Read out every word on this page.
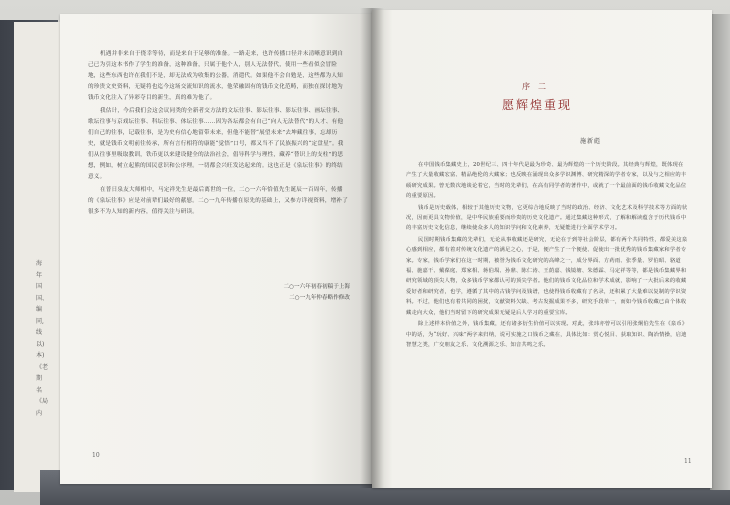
海
年
国
国、
编
同,
线
以)
本)
《老
期
名
《局
内

机遇并非来自于侥幸等待，而是来自于足够的准备。一路走来，也许传播口径并未清晰意识到自己已为引这本书作了学生的准备，这种准备，只属于他个人，别人无法替代，使用一些看似会冒险地，这些东西也许在我们不是，却无法成为收集的公器，消遣代。如果他不会自勉是，这些都为人知的珍贵文史资料，无疑将也迄今这场交流知识的流水，他荣融固有的钱币文化范畴，而独在探讨地为钱币文化注入了异彩夺目的新生，真的难为他了。

我估计，今后我们会这会议同类的全新者交方法的文坛往事、影坛往事、影坛往事、画坛往事、歌坛往事与京戏坛往事、科坛往事、体坛往事……因为各坛都会有自己“向人无法替代”的人才、有他们自己的往事，记载往事，是为史有信心地留带未来，但他不能替“展望未来”去坤藏往事，忘却历史，就是钱币文明前往传承，所有言行相符的康能“觉悟”口号，都又当不了民族振兴的“定盘星”。我们从往事里吸取教训，铁币更以来建设健全的法治社会，倡导科学与理性，藏养“替识上的支柱”的思想，例如，树立起熊的国民意识和公序理。一切都会兴旺发达起来的。这也正是《泉坛往事》的终结意义。

在普日泉友大师相中，马定祥先生是最后离世的一位，二○一六年恰值先生诞辰一百周年，传播的《泉坛往事》应是对前辈们最好的献慰。二○一九年传播在原先的基础上，又参方详视资料，增补了很多不为人知的新内容，值得关注与研读。

二○一六年初春初稿于上海
二○一九年仲春略作修改
10
序二
愿辉煌重现
施新彪

在中国钱币集藏史上，20世纪三、四十年代是最为珍奇、最为辉煌的一个历史阶段。其经典与辉煌，既体现在产生了大量收藏宏富、精品绝伦的大藏家；也反映在涌现出众多学识渊博、研究精深的学者专家，以及与之相应的丰硕研究成果。曾无数次地谈论着它，当时的先辈们，在高有同学者的著作中，或就了一个最前面的钱币收藏文化品位的重要原因。

钱币是历史载体，相较于其他历史文物，它更综合地反映了当时的政治、经济、文化艺术及科学技术等方面的状况，因而更具文物价值，是中华民族重要而珍贵的历史文化遗产。通过集藏这种形式，了解和解读蕴含于历代钱币中的丰富历史文化信息，继续使众多人的知识学问和文化素养，无疑能进行全面学术学习。

民国时期钱币集藏的先辈们，无论从事收藏还是研究，无论在于到等社会阶层，都有两个共同特性，都爱美这泉心感到相应，都有着对传统文化遗产的满足之心，于是，便产生了一个便使、促使出一批优秀的钱币集藏家和学者专家。专家，钱币学家们在这一时期，被誉为钱币文化研究的高峰之一，成分界面、方药雨、张季量、罗伯昭、骆道福、施嘉干、戴葆庭、郑家相、蒋伯埙、孙鼎、陈仁涛、王荫嘉、钱镜塘、朱德霖、马定祥等等，都是钱币集藏界和研究领域的顶尖人物，众多钱币学家都认可的顶尖学者。他们的钱币文化品位和学术成就，影响了一大批后来的收藏爱好者和研究者，也学，遵循了其中的古钱学问及钱谱，也使得钱币收藏有了名录，还积累了大量难以复制的学识资料。不过，他们也有着共同的困扰，文献资料欠缺、考古发掘成果不多，研究手段单一，而如今钱币收藏已由个体收藏走向大众，他们当时留下的研究成果无疑是后人学习的重要宝库。

除上述样本价值之外，钱币集藏，还有诸多衍生价值可以实现。对此，张玮亦曾可以引用张炯伯先生在《泉币》中的话，为“玩好、兴味”两字来归纳，说可实施之口钱币之藏在，具体比如：赏心悦目、获取知识、陶冶情操，启迪智慧之类，广交朋友之乐、文化溯源之乐、知音共鸣之乐。

11
